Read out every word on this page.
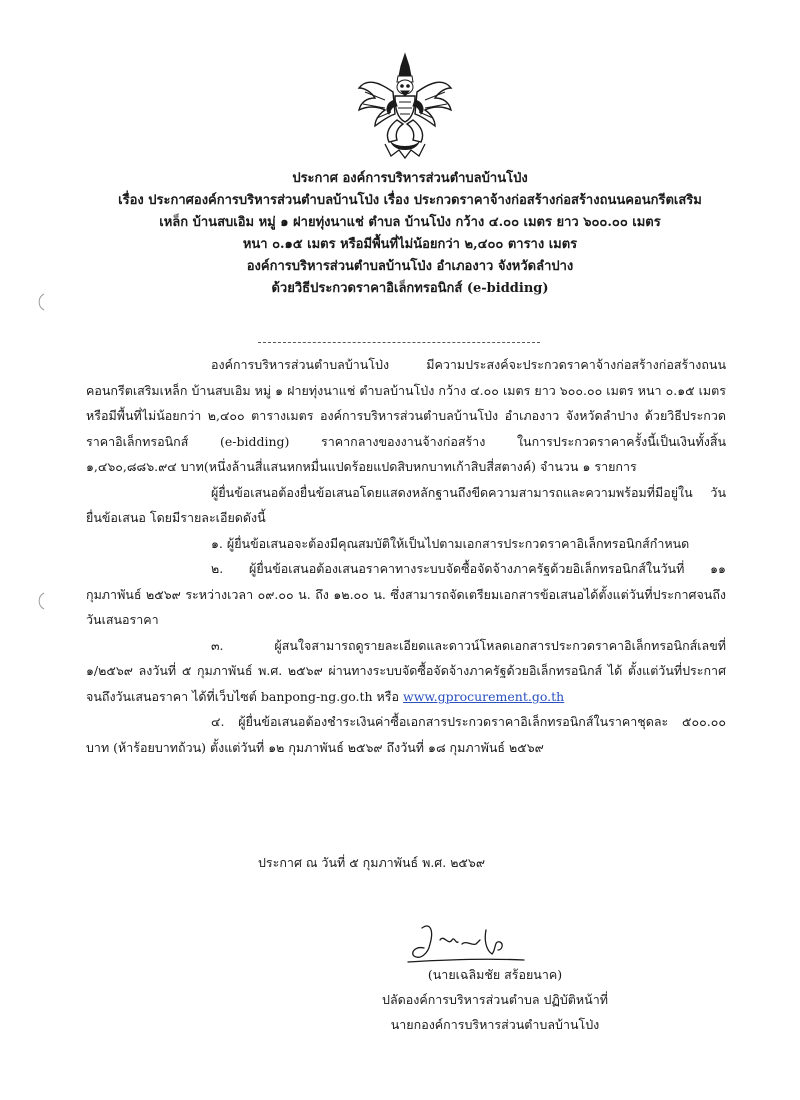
ประกาศ องค์การบริหารส่วนตำบลบ้านโป่ง
เรื่อง ประกาศองค์การบริหารส่วนตำบลบ้านโป่ง เรื่อง ประกวดราคาจ้างก่อสร้างก่อสร้างถนนคอนกรีตเสริม
เหล็ก บ้านสบเอิม หมู่ ๑ ฝายทุ่งนาแช่ ตำบล บ้านโป่ง กว้าง ๔.๐๐ เมตร ยาว ๖๐๐.๐๐ เมตร
หนา ๐.๑๕ เมตร หรือมีพื้นที่ไม่น้อยกว่า ๒,๔๐๐ ตาราง เมตร
องค์การบริหารส่วนตำบลบ้านโป่ง อำเภองาว จังหวัดลำปาง
ด้วยวิธีประกวดราคาอิเล็กทรอนิกส์ (e-bidding)

องค์การบริหารส่วนตำบลบ้านโป่ง มีความประสงค์จะประกวดราคาจ้างก่อสร้างก่อสร้างถนนคอนกรีตเสริมเหล็ก บ้านสบเอิม หมู่ ๑ ฝายทุ่งนาแช่ ตำบลบ้านโป่ง กว้าง ๔.๐๐ เมตร ยาว ๖๐๐.๐๐ เมตร หนา ๐.๑๕ เมตร หรือมีพื้นที่ไม่น้อยกว่า ๒,๔๐๐ ตารางเมตร องค์การบริหารส่วนตำบลบ้านโป่ง อำเภองาว จังหวัดลำปาง ด้วยวิธีประกวดราคาอิเล็กทรอนิกส์ (e-bidding) ราคากลางของงานจ้างก่อสร้าง ในการประกวดราคาครั้งนี้เป็นเงินทั้งสิ้น ๑,๔๖๐,๘๘๖.๙๔ บาท(หนึ่งล้านสี่แสนหกหมื่นแปดร้อยแปดสิบหกบาทเก้าสิบสี่สตางค์) จำนวน ๑ รายการ

ผู้ยื่นข้อเสนอต้องยื่นข้อเสนอโดยแสดงหลักฐานถึงขีดความสามารถและความพร้อมที่มีอยู่ใน วันยื่นข้อเสนอ โดยมีรายละเอียดดังนี้

๑. ผู้ยื่นข้อเสนอจะต้องมีคุณสมบัติให้เป็นไปตามเอกสารประกวดราคาอิเล็กทรอนิกส์กำหนด

๒. ผู้ยื่นข้อเสนอต้องเสนอราคาทางระบบจัดซื้อจัดจ้างภาครัฐด้วยอิเล็กทรอนิกส์ในวันที่ ๑๑ กุมภาพันธ์ ๒๕๖๙ ระหว่างเวลา ๐๙.๐๐ น. ถึง ๑๒.๐๐ น. ซึ่งสามารถจัดเตรียมเอกสารข้อเสนอได้ตั้งแต่วันที่ประกาศจนถึงวันเสนอราคา

๓. ผู้สนใจสามารถดูรายละเอียดและดาวน์โหลดเอกสารประกวดราคาอิเล็กทรอนิกส์เลขที่ ๑/๒๕๖๙ ลงวันที่ ๕ กุมภาพันธ์ พ.ศ. ๒๕๖๙ ผ่านทางระบบจัดซื้อจัดจ้างภาครัฐด้วยอิเล็กทรอนิกส์ ได้ ตั้งแต่วันที่ประกาศจนถึงวันเสนอราคา ได้ที่เว็บไซต์ banpong-ng.go.th หรือ www.gprocurement.go.th

๔. ผู้ยื่นข้อเสนอต้องชำระเงินค่าซื้อเอกสารประกวดราคาอิเล็กทรอนิกส์ในราคาชุดละ ๕๐๐.๐๐ บาท (ห้าร้อยบาทถ้วน) ตั้งแต่วันที่ ๑๒ กุมภาพันธ์ ๒๕๖๙ ถึงวันที่ ๑๘ กุมภาพันธ์ ๒๕๖๙

ประกาศ ณ วันที่ ๕ กุมภาพันธ์ พ.ศ. ๒๕๖๙
(นายเฉลิมชัย สร้อยนาค)
ปลัดองค์การบริหารส่วนตำบล ปฏิบัติหน้าที่
นายกองค์การบริหารส่วนตำบลบ้านโป่ง
